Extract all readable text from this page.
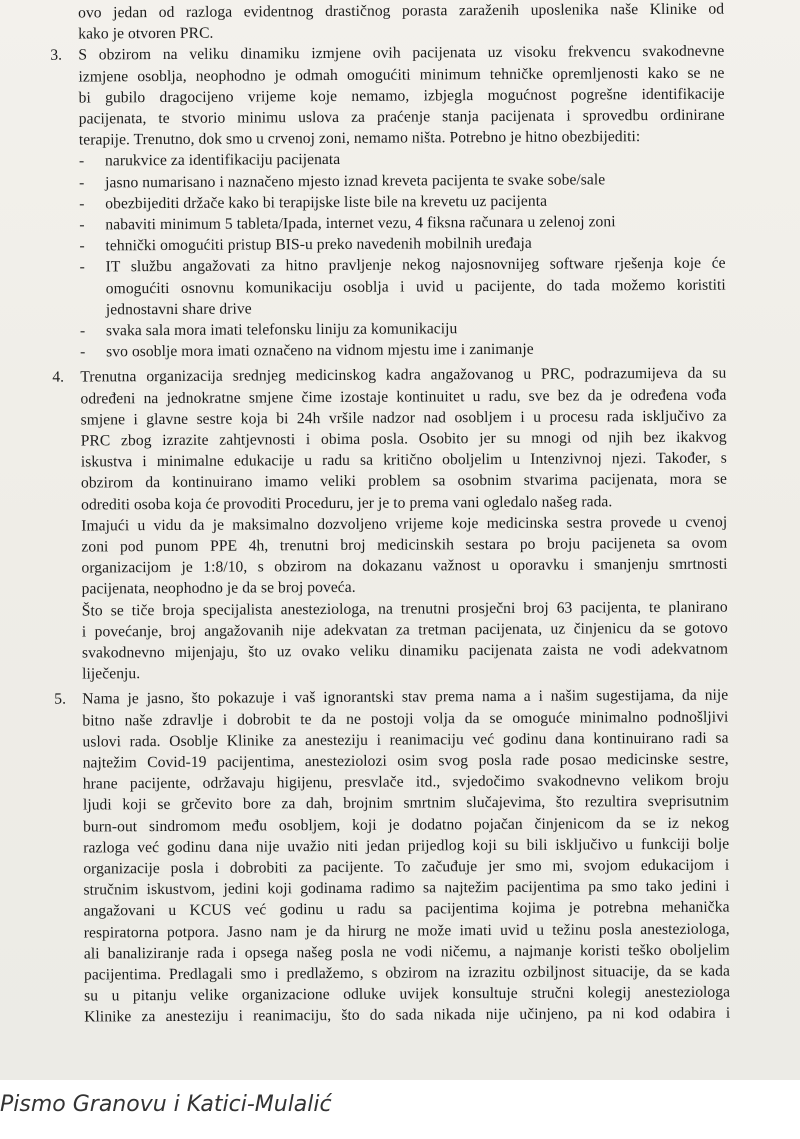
ovo jedan od razloga evidentnog drastičnog porasta zaraženih uposlenika naše Klinike od
kako je otvoren PRC.
3. S obzirom na veliku dinamiku izmjene ovih pacijenata uz visoku frekvencu svakodnevne
izmjene osoblja, neophodno je odmah omogućiti minimum tehničke opremljenosti kako se ne
bi gubilo dragocijeno vrijeme koje nemamo, izbjegla mogućnost pogrešne identifikacije
pacijenata, te stvorio minimu uslova za praćenje stanja pacijenata i sprovedbu ordinirane
terapije. Trenutno, dok smo u crvenoj zoni, nemamo ništa. Potrebno je hitno obezbijediti:
- narukvice za identifikaciju pacijenata
- jasno numarisano i naznačeno mjesto iznad kreveta pacijenta te svake sobe/sale
- obezbijediti držače kako bi terapijske liste bile na krevetu uz pacijenta
- nabaviti minimum 5 tableta/Ipada, internet vezu, 4 fiksna računara u zelenoj zoni
- tehnički omogućiti pristup BIS-u preko navedenih mobilnih uređaja
- IT službu angažovati za hitno pravljenje nekog najosnovnijeg software rješenja koje će
omogućiti osnovnu komunikaciju osoblja i uvid u pacijente, do tada možemo koristiti
jednostavni share drive
- svaka sala mora imati telefonsku liniju za komunikaciju
- svo osoblje mora imati označeno na vidnom mjestu ime i zanimanje
4. Trenutna organizacija srednjeg medicinskog kadra angažovanog u PRC, podrazumijeva da su
određeni na jednokratne smjene čime izostaje kontinuitet u radu, sve bez da je određena vođa
smjene i glavne sestre koja bi 24h vršile nadzor nad osobljem i u procesu rada isključivo za
PRC zbog izrazite zahtjevnosti i obima posla. Osobito jer su mnogi od njih bez ikakvog
iskustva i minimalne edukacije u radu sa kritično oboljelim u Intenzivnoj njezi. Također, s
obzirom da kontinuirano imamo veliki problem sa osobnim stvarima pacijenata, mora se
odrediti osoba koja će provoditi Proceduru, jer je to prema vani ogledalo našeg rada.
Imajući u vidu da je maksimalno dozvoljeno vrijeme koje medicinska sestra provede u cvenoj
zoni pod punom PPE 4h, trenutni broj medicinskih sestara po broju pacijeneta sa ovom
organizacijom je 1:8/10, s obzirom na dokazanu važnost u oporavku i smanjenju smrtnosti
pacijenata, neophodno je da se broj poveća.
Što se tiče broja specijalista anesteziologa, na trenutni prosječni broj 63 pacijenta, te planirano
i povećanje, broj angažovanih nije adekvatan za tretman pacijenata, uz činjenicu da se gotovo
svakodnevno mijenjaju, što uz ovako veliku dinamiku pacijenata zaista ne vodi adekvatnom
liječenju.
5. Nama je jasno, što pokazuje i vaš ignorantski stav prema nama a i našim sugestijama, da nije
bitno naše zdravlje i dobrobit te da ne postoji volja da se omoguće minimalno podnošljivi
uslovi rada. Osoblje Klinike za anesteziju i reanimaciju već godinu dana kontinuirano radi sa
najtežim Covid-19 pacijentima, anesteziolozi osim svog posla rade posao medicinske sestre,
hrane pacijente, održavaju higijenu, presvlače itd., svjedočimo svakodnevno velikom broju
ljudi koji se grčevito bore za dah, brojnim smrtnim slučajevima, što rezultira sveprisutnim
burn-out sindromom među osobljem, koji je dodatno pojačan činjenicom da se iz nekog
razloga već godinu dana nije uvažio niti jedan prijedlog koji su bili isključivo u funkciji bolje
organizacije posla i dobrobiti za pacijente. To začuđuje jer smo mi, svojom edukacijom i
stručnim iskustvom, jedini koji godinama radimo sa najtežim pacijentima pa smo tako jedini i
angažovani u KCUS već godinu u radu sa pacijentima kojima je potrebna mehanička
respiratorna potpora. Jasno nam je da hirurg ne može imati uvid u težinu posla anesteziologa,
ali banaliziranje rada i opsega našeg posla ne vodi ničemu, a najmanje koristi teško oboljelim
pacijentima. Predlagali smo i predlažemo, s obzirom na izrazitu ozbiljnost situacije, da se kada
su u pitanju velike organizacione odluke uvijek konsultuje stručni kolegij anesteziologa
Klinike za anesteziju i reanimaciju, što do sada nikada nije učinjeno, pa ni kod odabira i
Pismo Granovu i Katici-Mulalić
